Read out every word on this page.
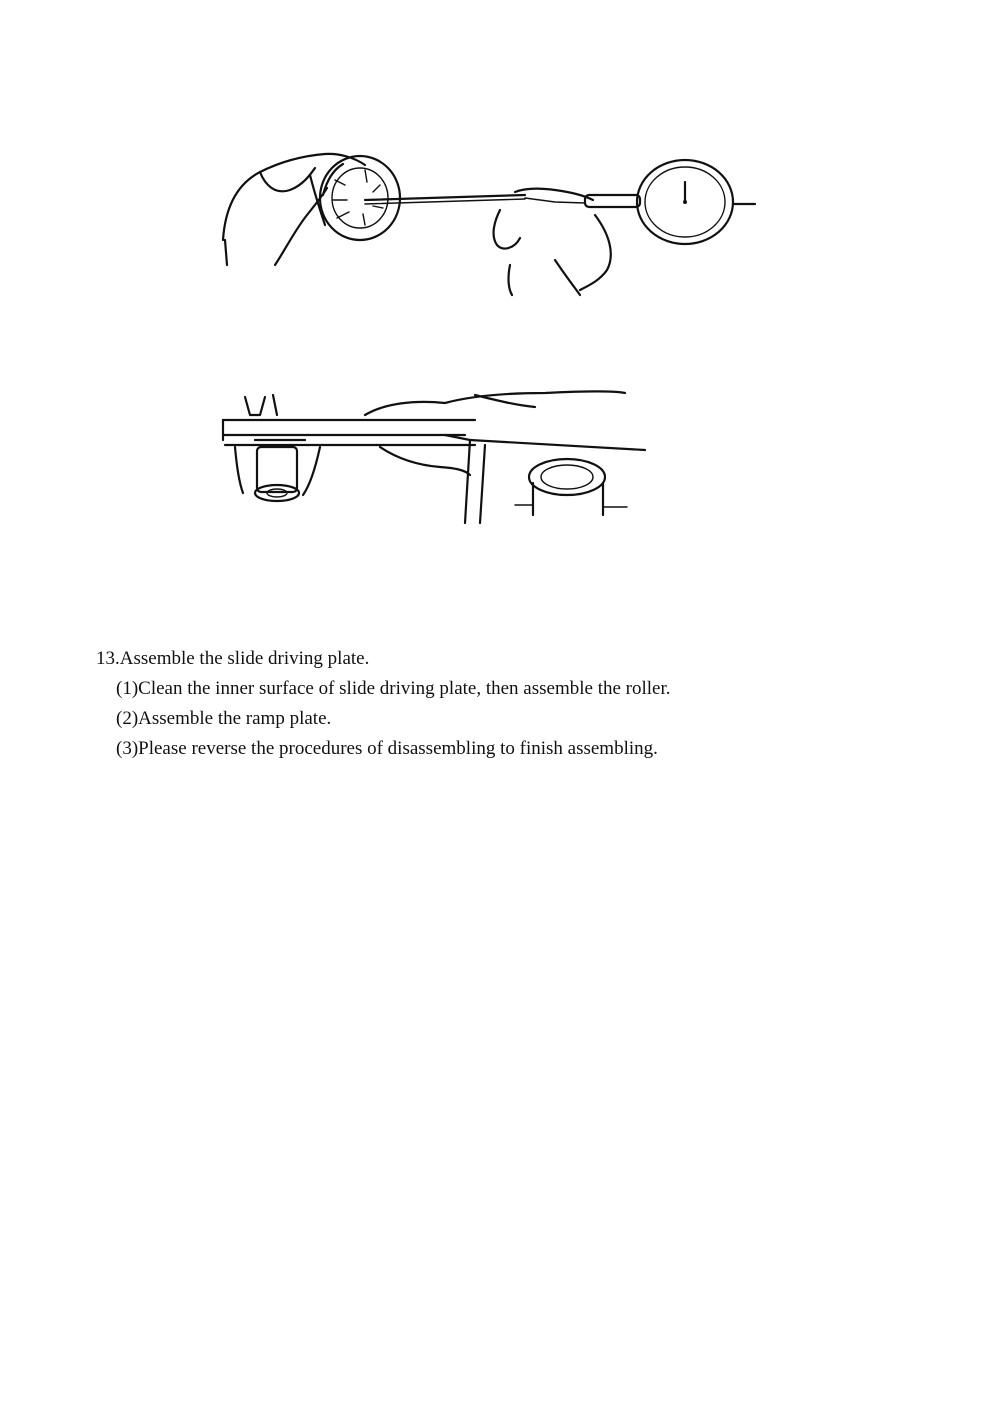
13.Assemble the slide driving plate.

(1)Clean the inner surface of slide driving plate, then assemble the roller.
(2)Assemble the ramp plate.
(3)Please reverse the procedures of disassembling to finish assembling.
